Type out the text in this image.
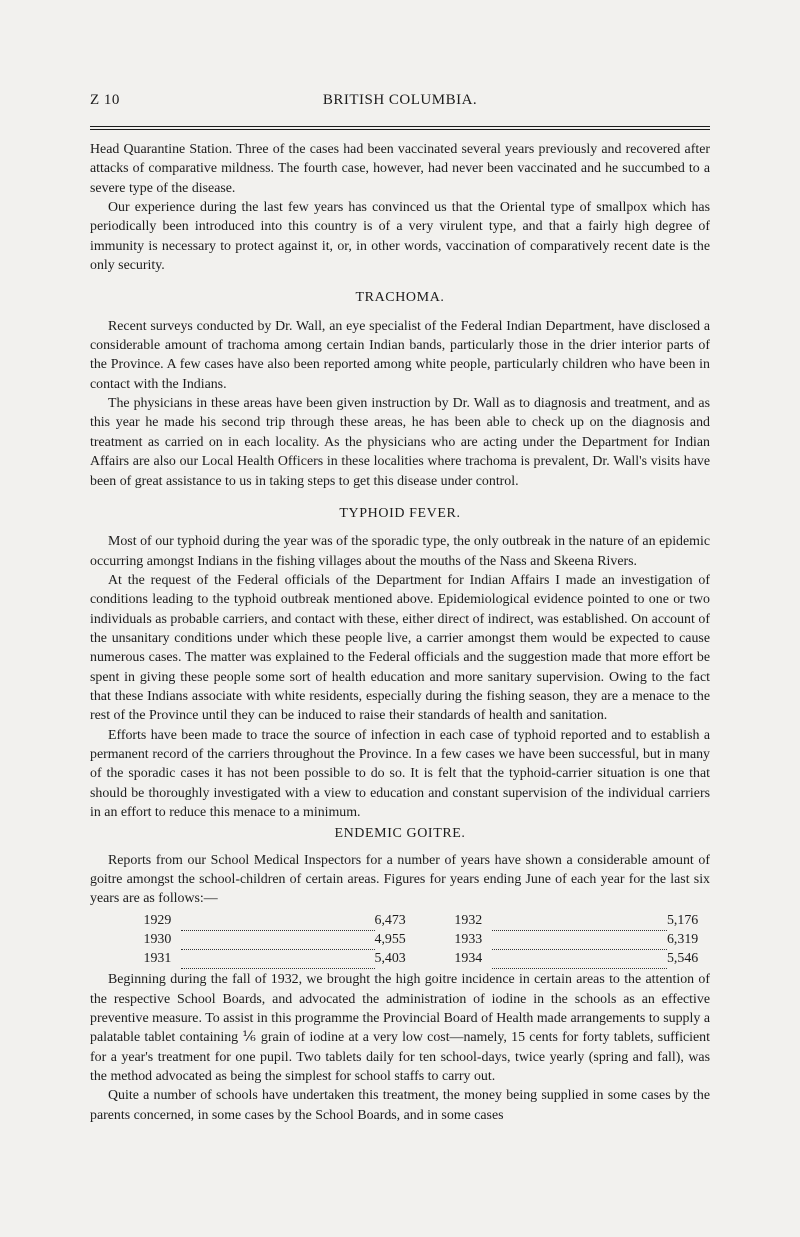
Z 10	BRITISH COLUMBIA.

Head Quarantine Station. Three of the cases had been vaccinated several years previously and recovered after attacks of comparative mildness. The fourth case, however, had never been vaccinated and he succumbed to a severe type of the disease.

Our experience during the last few years has convinced us that the Oriental type of smallpox which has periodically been introduced into this country is of a very virulent type, and that a fairly high degree of immunity is necessary to protect against it, or, in other words, vaccination of comparatively recent date is the only security.

TRACHOMA.

Recent surveys conducted by Dr. Wall, an eye specialist of the Federal Indian Department, have disclosed a considerable amount of trachoma among certain Indian bands, particularly those in the drier interior parts of the Province. A few cases have also been reported among white people, particularly children who have been in contact with the Indians.

The physicians in these areas have been given instruction by Dr. Wall as to diagnosis and treatment, and as this year he made his second trip through these areas, he has been able to check up on the diagnosis and treatment as carried on in each locality. As the physicians who are acting under the Department for Indian Affairs are also our Local Health Officers in these localities where trachoma is prevalent, Dr. Wall's visits have been of great assistance to us in taking steps to get this disease under control.

TYPHOID FEVER.

Most of our typhoid during the year was of the sporadic type, the only outbreak in the nature of an epidemic occurring amongst Indians in the fishing villages about the mouths of the Nass and Skeena Rivers.

At the request of the Federal officials of the Department for Indian Affairs I made an investigation of conditions leading to the typhoid outbreak mentioned above. Epidemiological evidence pointed to one or two individuals as probable carriers, and contact with these, either direct of indirect, was established. On account of the unsanitary conditions under which these people live, a carrier amongst them would be expected to cause numerous cases. The matter was explained to the Federal officials and the suggestion made that more effort be spent in giving these people some sort of health education and more sanitary supervision. Owing to the fact that these Indians associate with white residents, especially during the fishing season, they are a menace to the rest of the Province until they can be induced to raise their standards of health and sanitation.

Efforts have been made to trace the source of infection in each case of typhoid reported and to establish a permanent record of the carriers throughout the Province. In a few cases we have been successful, but in many of the sporadic cases it has not been possible to do so. It is felt that the typhoid-carrier situation is one that should be thoroughly investigated with a view to education and constant supervision of the individual carriers in an effort to reduce this menace to a minimum.

ENDEMIC GOITRE.

Reports from our School Medical Inspectors for a number of years have shown a considerable amount of goitre amongst the school-children of certain areas. Figures for years ending June of each year for the last six years are as follows:—

	1929		6,473		1932		5,176
	1930		4,955		1933		6,319
	1931		5,403		1934		5,546

Beginning during the fall of 1932, we brought the high goitre incidence in certain areas to the attention of the respective School Boards, and advocated the administration of iodine in the schools as an effective preventive measure. To assist in this programme the Provincial Board of Health made arrangements to supply a palatable tablet containing ⅙ grain of iodine at a very low cost—namely, 15 cents for forty tablets, sufficient for a year's treatment for one pupil. Two tablets daily for ten school-days, twice yearly (spring and fall), was the method advocated as being the simplest for school staffs to carry out.

Quite a number of schools have undertaken this treatment, the money being supplied in some cases by the parents concerned, in some cases by the School Boards, and in some cases
